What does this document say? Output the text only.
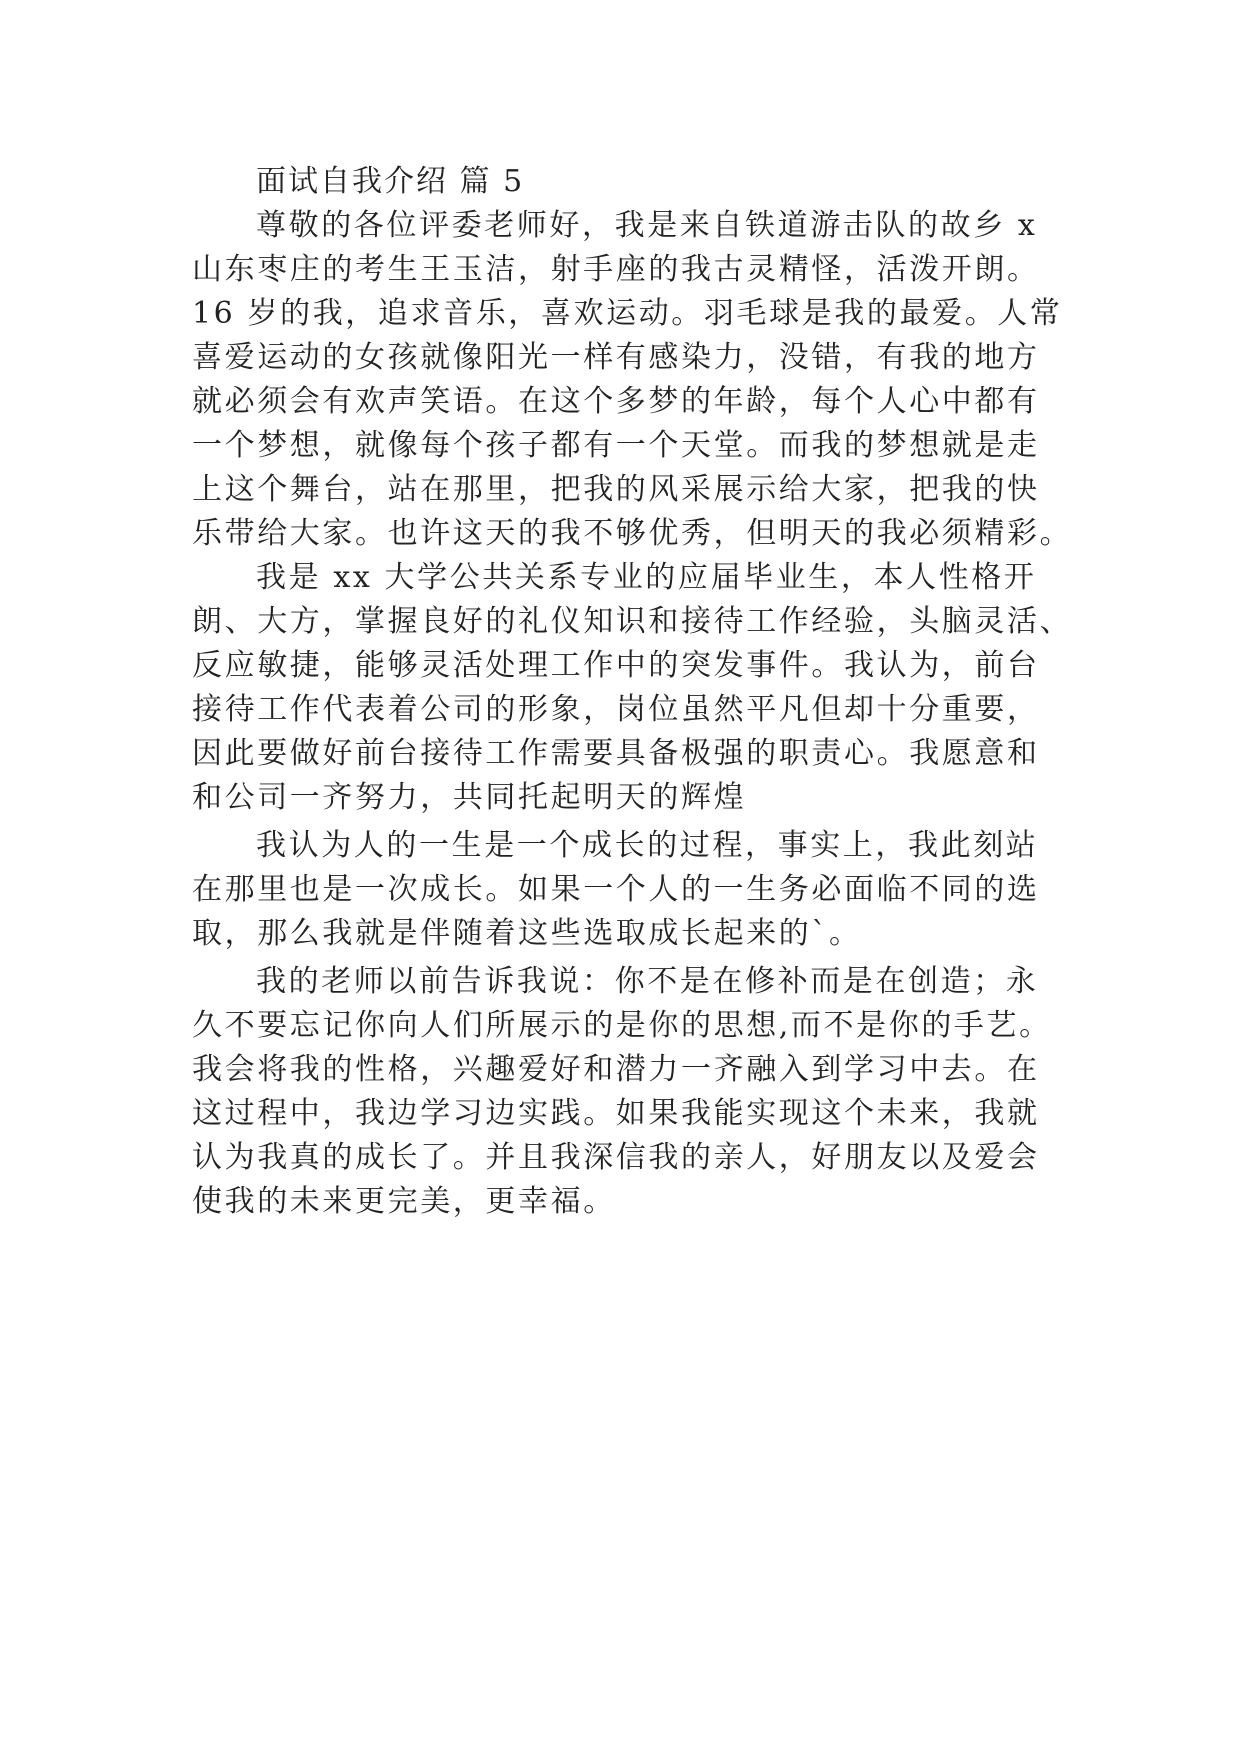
面试自我介绍 篇 5
尊敬的各位评委老师好，我是来自铁道游击队的故乡 x
山东枣庄的考生王玉洁，射手座的我古灵精怪，活泼开朗。
16 岁的我，追求音乐，喜欢运动。羽毛球是我的最爱。人常
喜爱运动的女孩就像阳光一样有感染力，没错，有我的地方
就必须会有欢声笑语。在这个多梦的年龄，每个人心中都有
一个梦想，就像每个孩子都有一个天堂。而我的梦想就是走
上这个舞台，站在那里，把我的风采展示给大家，把我的快
乐带给大家。也许这天的我不够优秀，但明天的我必须精彩。
我是 xx 大学公共关系专业的应届毕业生，本人性格开
朗、大方，掌握良好的礼仪知识和接待工作经验，头脑灵活、
反应敏捷，能够灵活处理工作中的突发事件。我认为，前台
接待工作代表着公司的形象，岗位虽然平凡但却十分重要，
因此要做好前台接待工作需要具备极强的职责心。我愿意和
和公司一齐努力，共同托起明天的辉煌
我认为人的一生是一个成长的过程，事实上，我此刻站
在那里也是一次成长。如果一个人的一生务必面临不同的选
取，那么我就是伴随着这些选取成长起来的`。
我的老师以前告诉我说：你不是在修补而是在创造；永
久不要忘记你向人们所展示的是你的思想,而不是你的手艺。
我会将我的性格，兴趣爱好和潜力一齐融入到学习中去。在
这过程中，我边学习边实践。如果我能实现这个未来，我就
认为我真的成长了。并且我深信我的亲人，好朋友以及爱会
使我的未来更完美，更幸福。
